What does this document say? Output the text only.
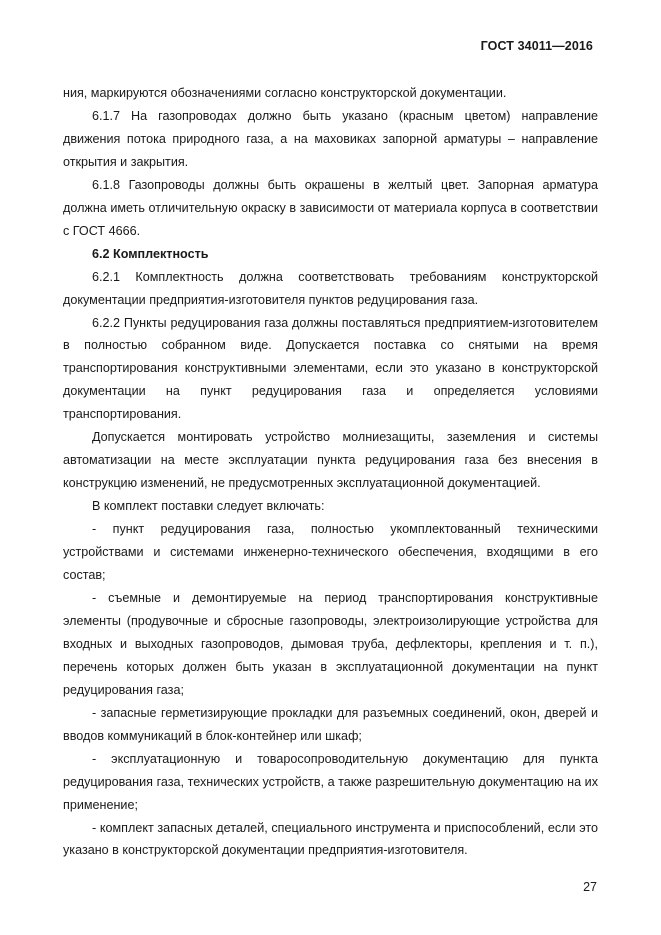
ГОСТ 34011—2016

ния, маркируются обозначениями согласно конструкторской документации.

6.1.7 На газопроводах должно быть указано (красным цветом) направление движения потока природного газа, а на маховиках запорной арматуры – направление открытия и закрытия.

6.1.8 Газопроводы должны быть окрашены в желтый цвет. Запорная арматура должна иметь отличительную окраску в зависимости от материала корпуса в соответствии с ГОСТ 4666.

6.2 Комплектность

6.2.1 Комплектность должна соответствовать требованиям конструкторской документации предприятия-изготовителя пунктов редуцирования газа.

6.2.2 Пункты редуцирования газа должны поставляться предприятием-изготовителем в полностью собранном виде. Допускается поставка со снятыми на время транспортирования конструктивными элементами, если это указано в конструкторской документации на пункт редуцирования газа и определяется условиями транспортирования.

Допускается монтировать устройство молниезащиты, заземления и системы автоматизации на месте эксплуатации пункта редуцирования газа без внесения в конструкцию изменений, не предусмотренных эксплуатационной документацией.

В комплект поставки следует включать:

- пункт редуцирования газа, полностью укомплектованный техническими устройствами и системами инженерно-технического обеспечения, входящими в его состав;

- съемные и демонтируемые на период транспортирования конструктивные элементы (продувочные и сбросные газопроводы, электроизолирующие устройства для входных и выходных газопроводов, дымовая труба, дефлекторы, крепления и т. п.), перечень которых должен быть указан в эксплуатационной документации на пункт редуцирования газа;

- запасные герметизирующие прокладки для разъемных соединений, окон, дверей и вводов коммуникаций в блок-контейнер или шкаф;

- эксплуатационную и товаросопроводительную документацию для пункта редуцирования газа, технических устройств, а также разрешительную документацию на их применение;

- комплект запасных деталей, специального инструмента и приспособлений, если это указано в конструкторской документации предприятия-изготовителя.

27
